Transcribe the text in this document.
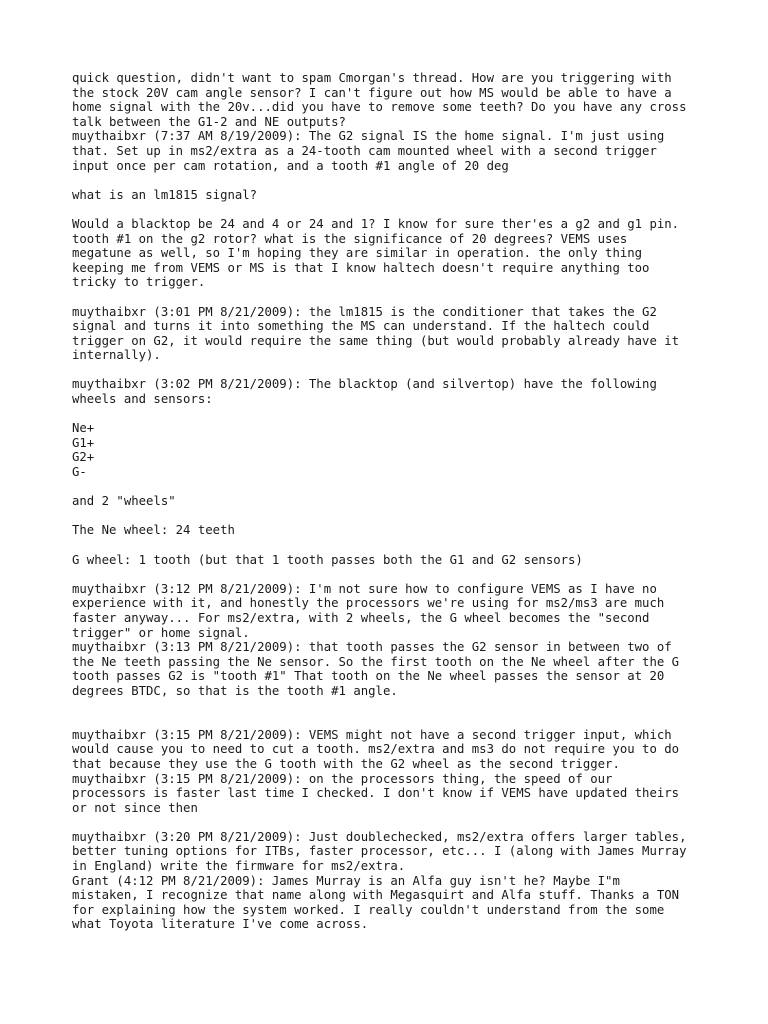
quick question, didn't want to spam Cmorgan's thread. How are you triggering with
the stock 20V cam angle sensor? I can't figure out how MS would be able to have a
home signal with the 20v...did you have to remove some teeth? Do you have any cross
talk between the G1-2 and NE outputs?
muythaibxr (7:37 AM 8/19/2009): The G2 signal IS the home signal. I'm just using
that. Set up in ms2/extra as a 24-tooth cam mounted wheel with a second trigger
input once per cam rotation, and a tooth #1 angle of 20 deg
what is an lm1815 signal?
Would a blacktop be 24 and 4 or 24 and 1? I know for sure ther'es a g2 and g1 pin.
tooth #1 on the g2 rotor? what is the significance of 20 degrees? VEMS uses
megatune as well, so I'm hoping they are similar in operation. the only thing
keeping me from VEMS or MS is that I know haltech doesn't require anything too
tricky to trigger.
muythaibxr (3:01 PM 8/21/2009): the lm1815 is the conditioner that takes the G2
signal and turns it into something the MS can understand. If the haltech could
trigger on G2, it would require the same thing (but would probably already have it
internally).
muythaibxr (3:02 PM 8/21/2009): The blacktop (and silvertop) have the following
wheels and sensors:
Ne+
G1+
G2+
G-
and 2 "wheels"
The Ne wheel: 24 teeth
G wheel: 1 tooth (but that 1 tooth passes both the G1 and G2 sensors)
muythaibxr (3:12 PM 8/21/2009): I'm not sure how to configure VEMS as I have no
experience with it, and honestly the processors we're using for ms2/ms3 are much
faster anyway... For ms2/extra, with 2 wheels, the G wheel becomes the "second
trigger" or home signal.
muythaibxr (3:13 PM 8/21/2009): that tooth passes the G2 sensor in between two of
the Ne teeth passing the Ne sensor. So the first tooth on the Ne wheel after the G
tooth passes G2 is "tooth #1" That tooth on the Ne wheel passes the sensor at 20
degrees BTDC, so that is the tooth #1 angle.
muythaibxr (3:15 PM 8/21/2009): VEMS might not have a second trigger input, which
would cause you to need to cut a tooth. ms2/extra and ms3 do not require you to do
that because they use the G tooth with the G2 wheel as the second trigger.
muythaibxr (3:15 PM 8/21/2009): on the processors thing, the speed of our
processors is faster last time I checked. I don't know if VEMS have updated theirs
or not since then
muythaibxr (3:20 PM 8/21/2009): Just doublechecked, ms2/extra offers larger tables,
better tuning options for ITBs, faster processor, etc... I (along with James Murray
in England) write the firmware for ms2/extra.
Grant (4:12 PM 8/21/2009): James Murray is an Alfa guy isn't he? Maybe I"m
mistaken, I recognize that name along with Megasquirt and Alfa stuff. Thanks a TON
for explaining how the system worked. I really couldn't understand from the some
what Toyota literature I've come across.
